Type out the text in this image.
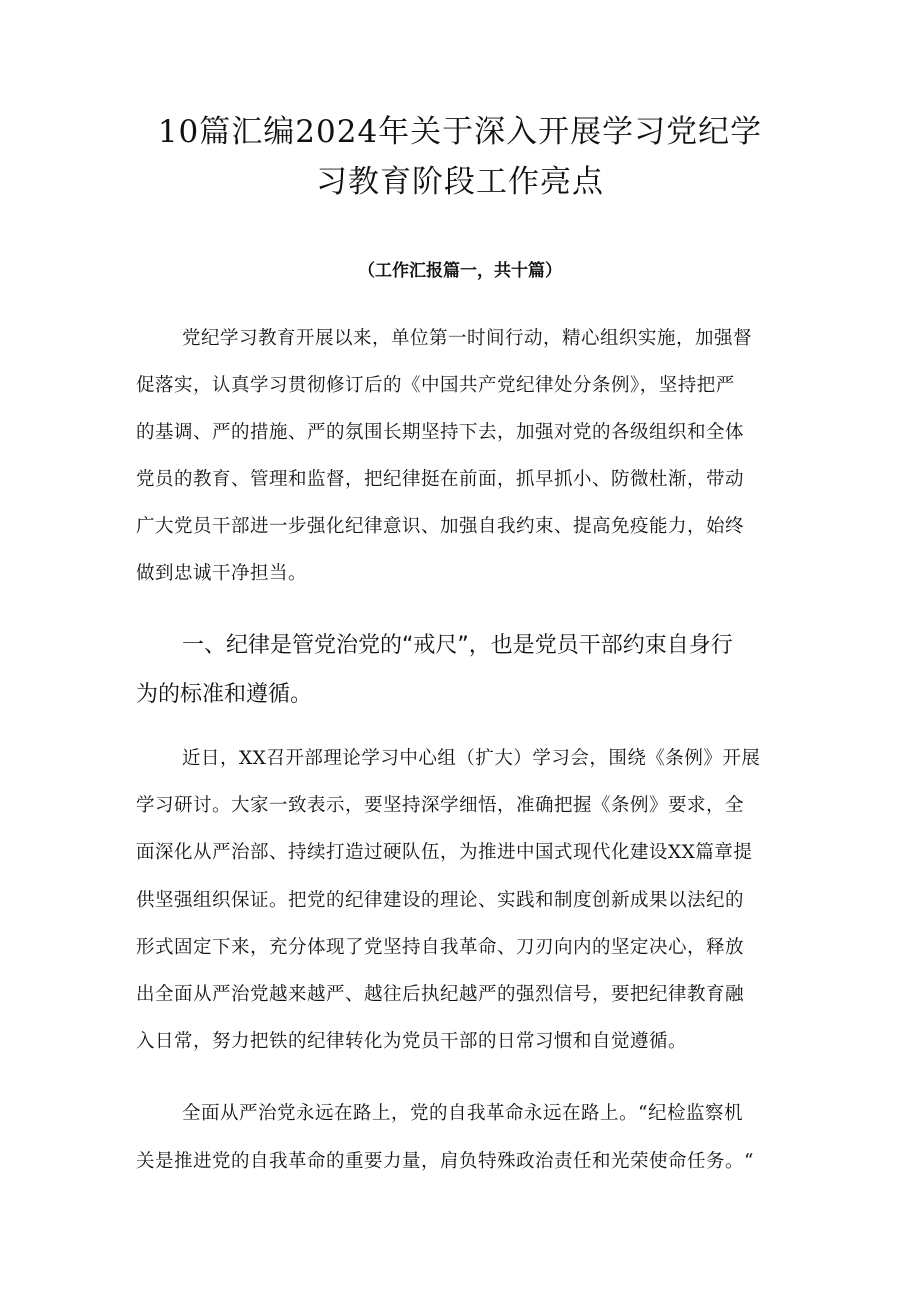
10篇汇编2024年关于深入开展学习党纪学
习教育阶段工作亮点
（工作汇报篇一，共十篇）
党纪学习教育开展以来，单位第一时间行动，精心组织实施，加强督
促落实，认真学习贯彻修订后的《中国共产党纪律处分条例》，坚持把严
的基调、严的措施、严的氛围长期坚持下去，加强对党的各级组织和全体
党员的教育、管理和监督，把纪律挺在前面，抓早抓小、防微杜渐，带动
广大党员干部进一步强化纪律意识、加强自我约束、提高免疫能力，始终
做到忠诚干净担当。
一、纪律是管党治党的“戒尺”，也是党员干部约束自身行
为的标准和遵循。
近日，XX召开部理论学习中心组（扩大）学习会，围绕《条例》开展
学习研讨。大家一致表示，要坚持深学细悟，准确把握《条例》要求，全
面深化从严治部、持续打造过硬队伍，为推进中国式现代化建设XX篇章提
供坚强组织保证。把党的纪律建设的理论、实践和制度创新成果以法纪的
形式固定下来，充分体现了党坚持自我革命、刀刃向内的坚定决心，释放
出全面从严治党越来越严、越往后执纪越严的强烈信号，要把纪律教育融
入日常，努力把铁的纪律转化为党员干部的日常习惯和自觉遵循。
全面从严治党永远在路上，党的自我革命永远在路上。“纪检监察机
关是推进党的自我革命的重要力量，肩负特殊政治责任和光荣使命任务。“
